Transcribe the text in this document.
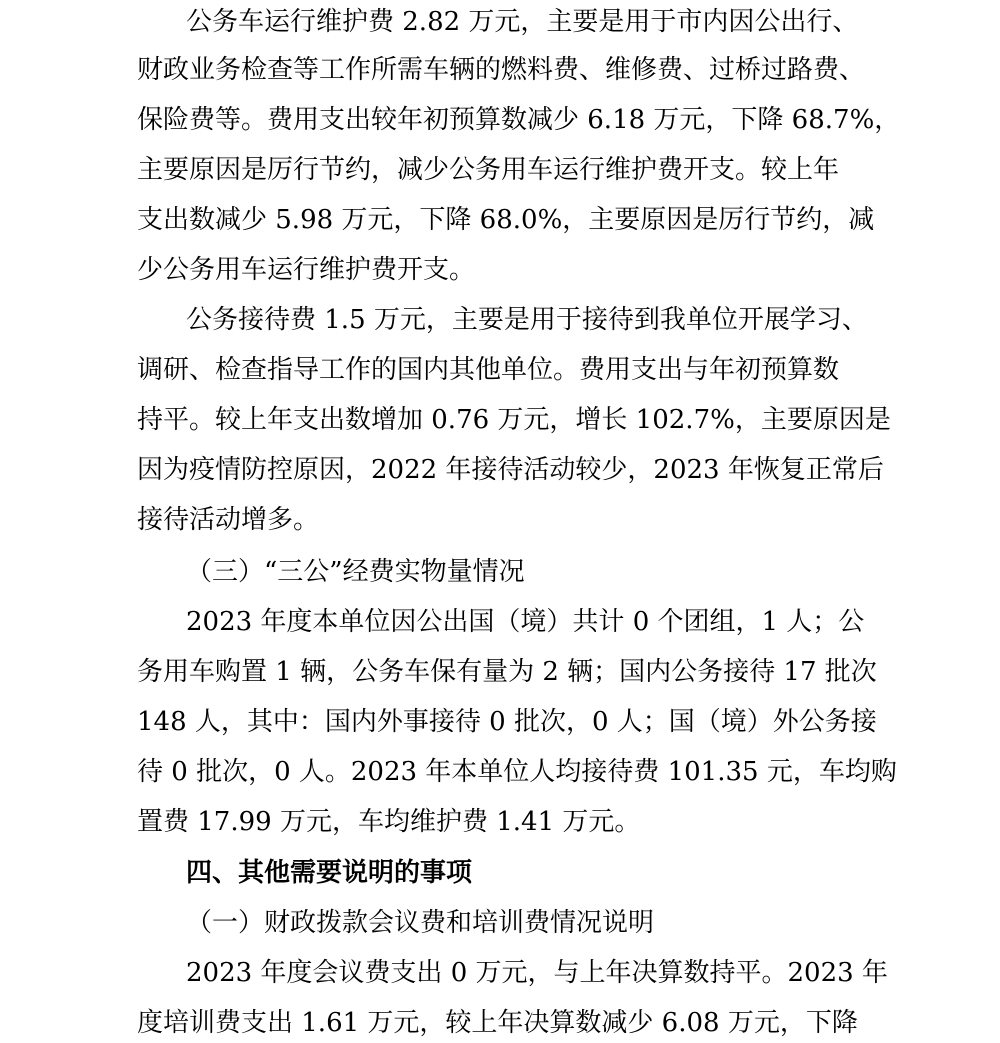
公务车运行维护费 2.82 万元，主要是用于市内因公出行、
财政业务检查等工作所需车辆的燃料费、维修费、过桥过路费、
保险费等。费用支出较年初预算数减少 6.18 万元，下降 68.7%，
主要原因是厉行节约，减少公务用车运行维护费开支。较上年
支出数减少 5.98 万元，下降 68.0%，主要原因是厉行节约，减
少公务用车运行维护费开支。
公务接待费 1.5 万元，主要是用于接待到我单位开展学习、
调研、检查指导工作的国内其他单位。费用支出与年初预算数
持平。较上年支出数增加 0.76 万元，增长 102.7%，主要原因是
因为疫情防控原因，2022 年接待活动较少，2023 年恢复正常后
接待活动增多。
（三）“三公”经费实物量情况
2023 年度本单位因公出国（境）共计 0 个团组，1 人；公
务用车购置 1 辆，公务车保有量为 2 辆；国内公务接待 17 批次
148 人，其中：国内外事接待 0 批次，0 人；国（境）外公务接
待 0 批次，0 人。2023 年本单位人均接待费 101.35 元，车均购
置费 17.99 万元，车均维护费 1.41 万元。
四、其他需要说明的事项
（一）财政拨款会议费和培训费情况说明
2023 年度会议费支出 0 万元，与上年决算数持平。2023 年
度培训费支出 1.61 万元，较上年决算数减少 6.08 万元，下降
